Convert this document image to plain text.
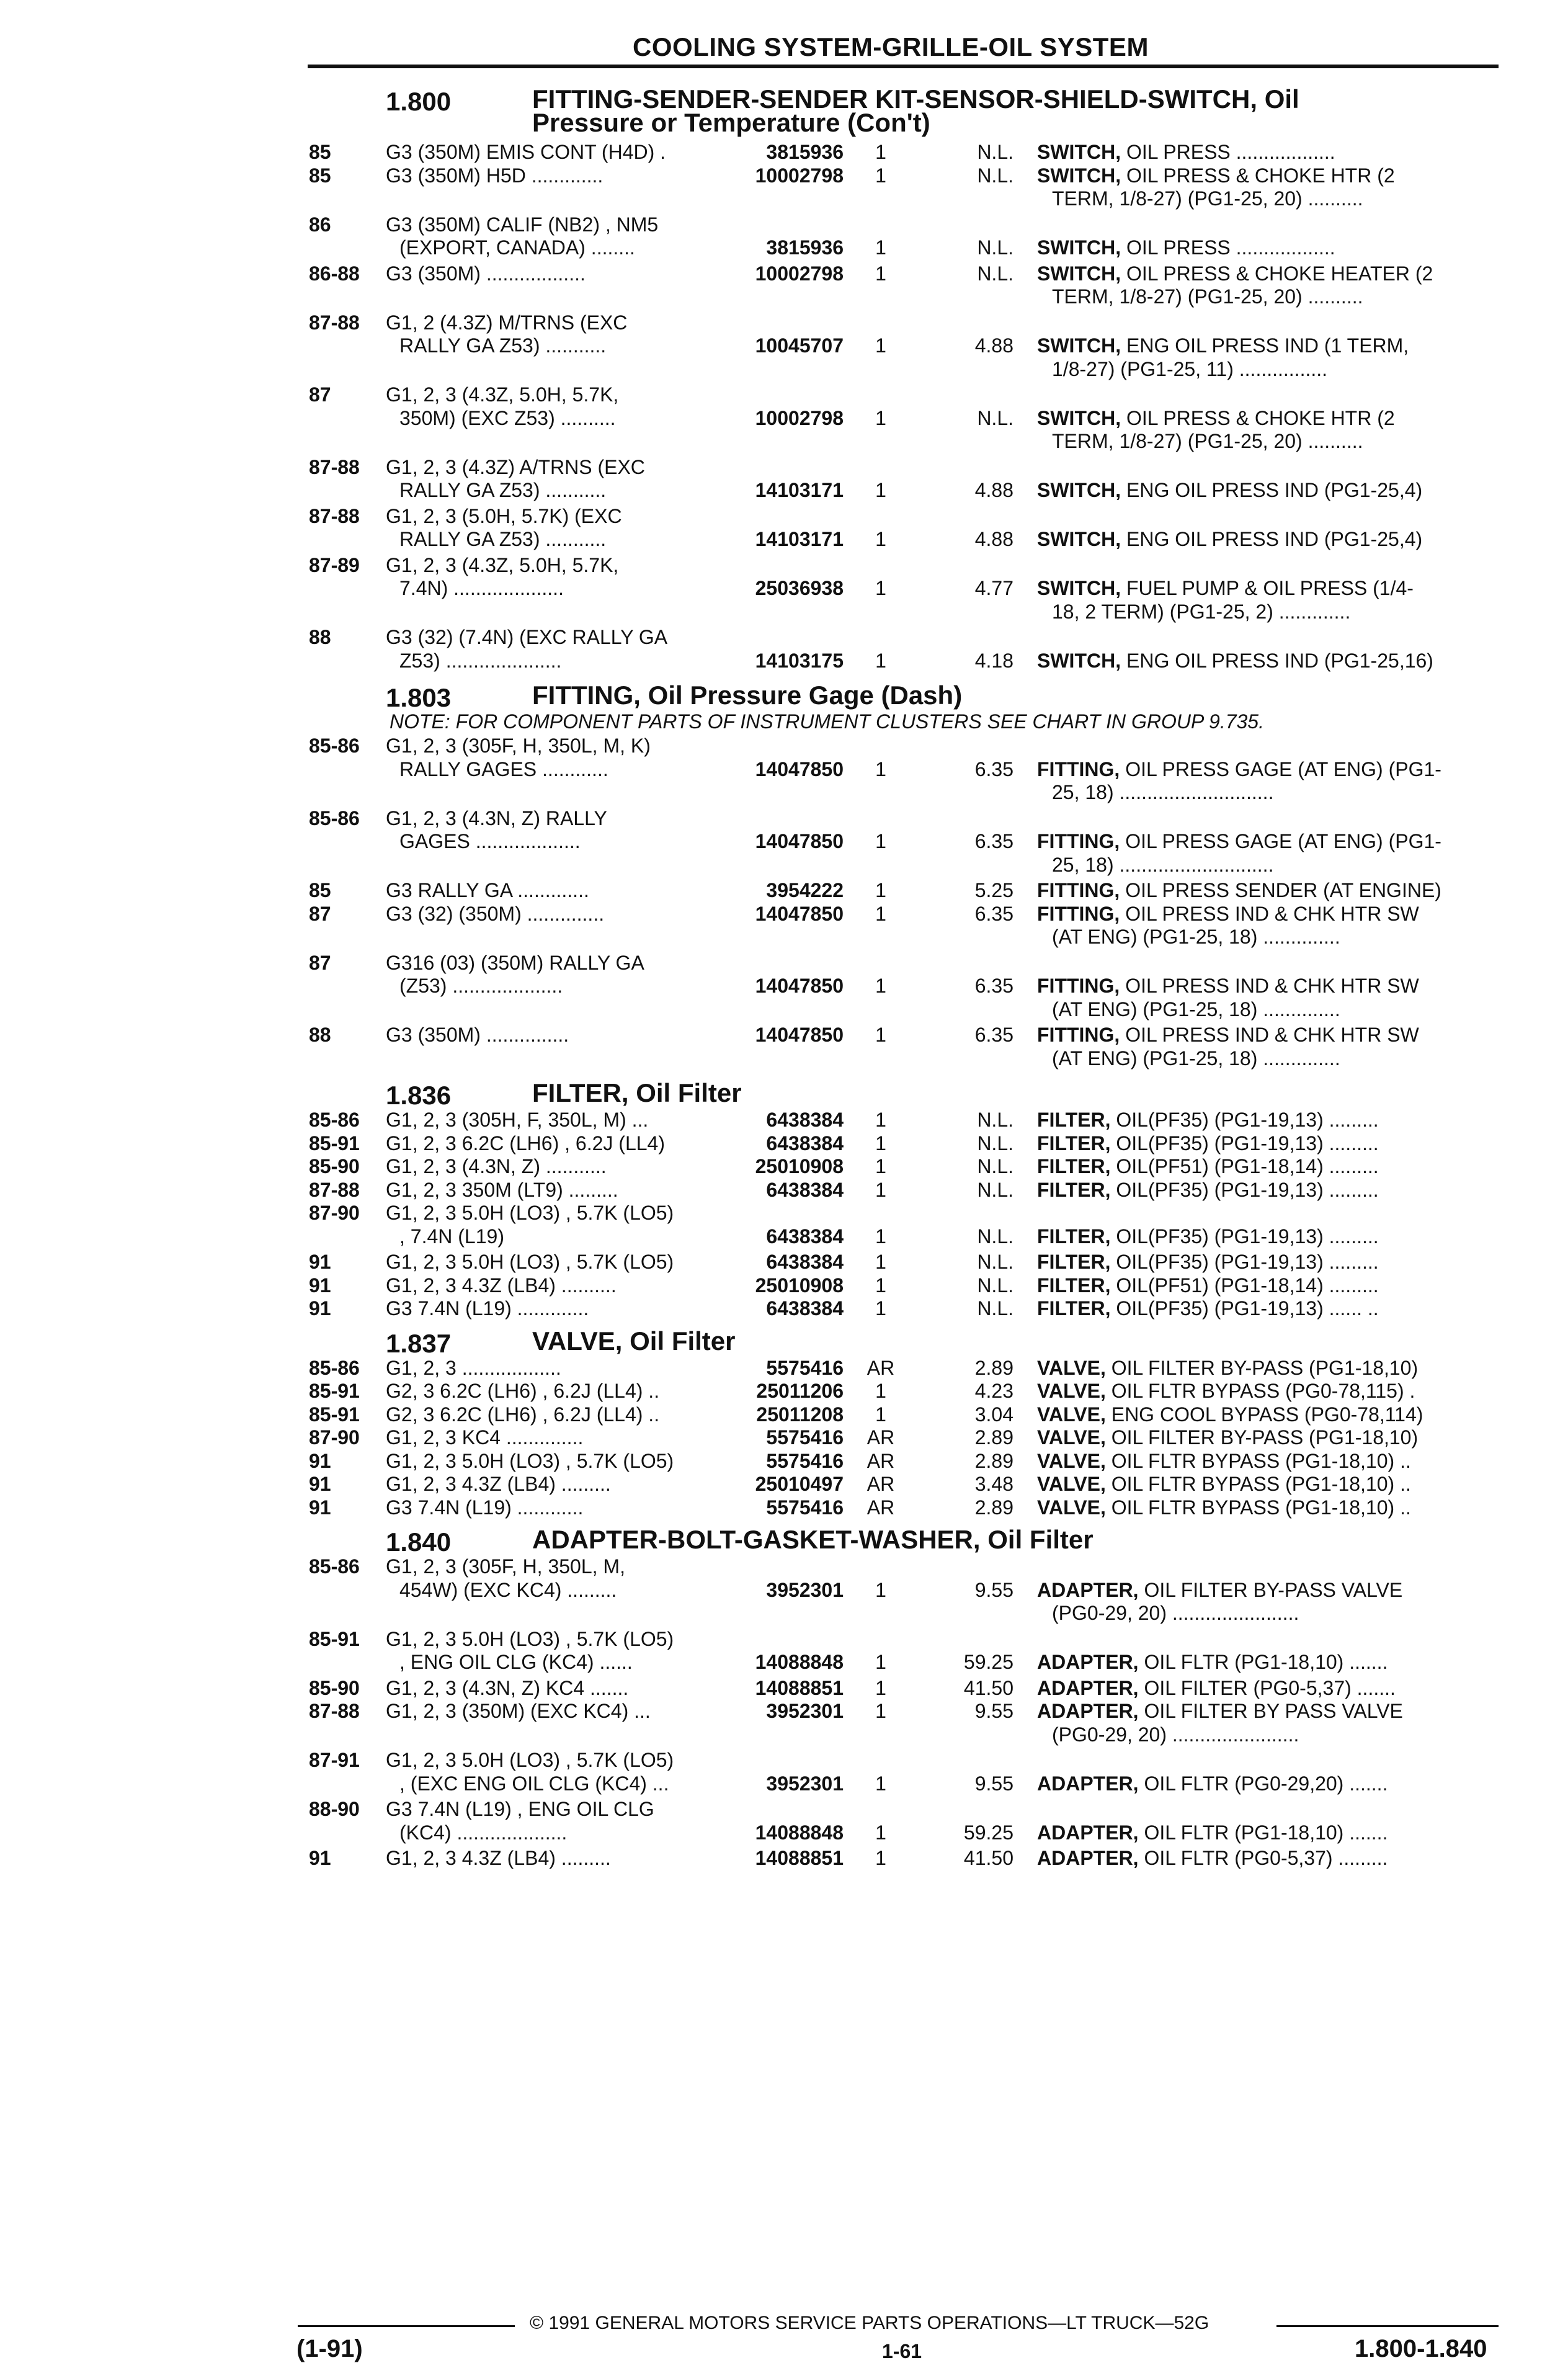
COOLING SYSTEM-GRILLE-OIL SYSTEM
1.800	FITTING-SENDER-SENDER KIT-SENSOR-SHIELD-SWITCH, Oil
Pressure or Temperature (Con't)
85	G3 (350M) EMIS CONT (H4D) .	3815936	1	N.L. SWITCH, OIL PRESS ..................
85	G3 (350M) H5D .............	10002798	1	N.L. SWITCH, OIL PRESS & CHOKE HTR (2
TERM, 1/8-27) (PG1-25, 20) ..........
86	G3 (350M) CALIF (NB2) , NM5
(EXPORT, CANADA) ........	3815936	1	N.L. SWITCH, OIL PRESS ..................
86-88 G3 (350M) ..................	10002798	1	N.L. SWITCH, OIL PRESS & CHOKE HEATER (2
TERM, 1/8-27) (PG1-25, 20) ..........
87-88 G1, 2 (4.3Z) M/TRNS (EXC
RALLY GA Z53) ...........	10045707	1	4.88 SWITCH, ENG OIL PRESS IND (1 TERM,
1/8-27) (PG1-25, 11) ................
87	G1, 2, 3 (4.3Z, 5.0H, 5.7K,
350M) (EXC Z53) ..........	10002798	1	N.L. SWITCH, OIL PRESS & CHOKE HTR (2
TERM, 1/8-27) (PG1-25, 20) ..........
87-88 G1, 2, 3 (4.3Z) A/TRNS (EXC
RALLY GA Z53) ...........	14103171	1	4.88 SWITCH, ENG OIL PRESS IND (PG1-25,4)
87-88 G1, 2, 3 (5.0H, 5.7K) (EXC
RALLY GA Z53) ...........	14103171	1	4.88 SWITCH, ENG OIL PRESS IND (PG1-25,4)
87-89 G1, 2, 3 (4.3Z, 5.0H, 5.7K,
7.4N) ....................	25036938	1	4.77 SWITCH, FUEL PUMP & OIL PRESS (1/4-
18, 2 TERM) (PG1-25, 2) .............
88	G3 (32) (7.4N) (EXC RALLY GA
Z53) .....................	14103175	1	4.18 SWITCH, ENG OIL PRESS IND (PG1-25,16)
1.803	FITTING, Oil Pressure Gage (Dash)
NOTE: FOR COMPONENT PARTS OF INSTRUMENT CLUSTERS SEE CHART IN GROUP 9.735.
85-86 G1, 2, 3 (305F, H, 350L, M, K)
RALLY GAGES ............	14047850	1	6.35 FITTING, OIL PRESS GAGE (AT ENG) (PG1-
25, 18) ............................
85-86 G1, 2, 3 (4.3N, Z) RALLY
GAGES ...................	14047850	1	6.35 FITTING, OIL PRESS GAGE (AT ENG) (PG1-
25, 18) ............................
85	G3 RALLY GA .............	3954222	1	5.25 FITTING, OIL PRESS SENDER (AT ENGINE)
87	G3 (32) (350M) ..............	14047850	1	6.35 FITTING, OIL PRESS IND & CHK HTR SW
(AT ENG) (PG1-25, 18) ..............
87	G316 (03) (350M) RALLY GA
(Z53) ....................	14047850	1	6.35 FITTING, OIL PRESS IND & CHK HTR SW
(AT ENG) (PG1-25, 18) ..............
88	G3 (350M) ...............	14047850	1	6.35 FITTING, OIL PRESS IND & CHK HTR SW
(AT ENG) (PG1-25, 18) ..............
1.836	FILTER, Oil Filter
85-86 G1, 2, 3 (305H, F, 350L, M) ...	6438384	1	N.L. FILTER, OIL(PF35) (PG1-19,13) .........
85-91 G1, 2, 3 6.2C (LH6) , 6.2J (LL4)	6438384	1	N.L. FILTER, OIL(PF35) (PG1-19,13) .........
85-90 G1, 2, 3 (4.3N, Z) ...........	25010908	1	N.L. FILTER, OIL(PF51) (PG1-18,14) .........
87-88 G1, 2, 3 350M (LT9) .........	6438384	1	N.L. FILTER, OIL(PF35) (PG1-19,13) .........
87-90 G1, 2, 3 5.0H (LO3) , 5.7K (LO5)
, 7.4N (L19)	6438384	1	N.L. FILTER, OIL(PF35) (PG1-19,13) .........
91	G1, 2, 3 5.0H (LO3) , 5.7K (LO5)	6438384	1	N.L. FILTER, OIL(PF35) (PG1-19,13) .........
91	G1, 2, 3 4.3Z (LB4) ..........	25010908	1	N.L. FILTER, OIL(PF51) (PG1-18,14) .........
91	G3 7.4N (L19) .............	6438384	1	N.L. FILTER, OIL(PF35) (PG1-19,13) ...... ..
1.837	VALVE, Oil Filter
85-86 G1, 2, 3 ..................	5575416	AR	2.89 VALVE, OIL FILTER BY-PASS (PG1-18,10)
85-91 G2, 3 6.2C (LH6) , 6.2J (LL4) ..	25011206	1	4.23 VALVE, OIL FLTR BYPASS (PG0-78,115) .
85-91 G2, 3 6.2C (LH6) , 6.2J (LL4) ..	25011208	1	3.04 VALVE, ENG COOL BYPASS (PG0-78,114)
87-90 G1, 2, 3 KC4 ..............	5575416	AR	2.89 VALVE, OIL FILTER BY-PASS (PG1-18,10)
91	G1, 2, 3 5.0H (LO3) , 5.7K (LO5)	5575416	AR	2.89 VALVE, OIL FLTR BYPASS (PG1-18,10) ..
91	G1, 2, 3 4.3Z (LB4) .........	25010497	AR	3.48 VALVE, OIL FLTR BYPASS (PG1-18,10) ..
91	G3 7.4N (L19) ............	5575416	AR	2.89 VALVE, OIL FLTR BYPASS (PG1-18,10) ..
1.840	ADAPTER-BOLT-GASKET-WASHER, Oil Filter
85-86 G1, 2, 3 (305F, H, 350L, M,
454W) (EXC KC4) .........	3952301	1	9.55 ADAPTER, OIL FILTER BY-PASS VALVE
(PG0-29, 20) .......................
85-91 G1, 2, 3 5.0H (LO3) , 5.7K (LO5)
, ENG OIL CLG (KC4) ......	14088848	1	59.25 ADAPTER, OIL FLTR (PG1-18,10) .......
85-90 G1, 2, 3 (4.3N, Z) KC4 .......	14088851	1	41.50 ADAPTER, OIL FILTER (PG0-5,37) .......
87-88 G1, 2, 3 (350M) (EXC KC4) ...	3952301	1	9.55 ADAPTER, OIL FILTER BY PASS VALVE
(PG0-29, 20) .......................
87-91 G1, 2, 3 5.0H (LO3) , 5.7K (LO5)
, (EXC ENG OIL CLG (KC4) ...	3952301	1	9.55 ADAPTER, OIL FLTR (PG0-29,20) .......
88-90 G3 7.4N (L19) , ENG OIL CLG
(KC4) ....................	14088848	1	59.25 ADAPTER, OIL FLTR (PG1-18,10) .......
91	G1, 2, 3 4.3Z (LB4) .........	14088851	1	41.50 ADAPTER, OIL FLTR (PG0-5,37) .........
© 1991 GENERAL MOTORS SERVICE PARTS OPERATIONS—LT TRUCK—52G
(1-91)	1-61	1.800-1.840
